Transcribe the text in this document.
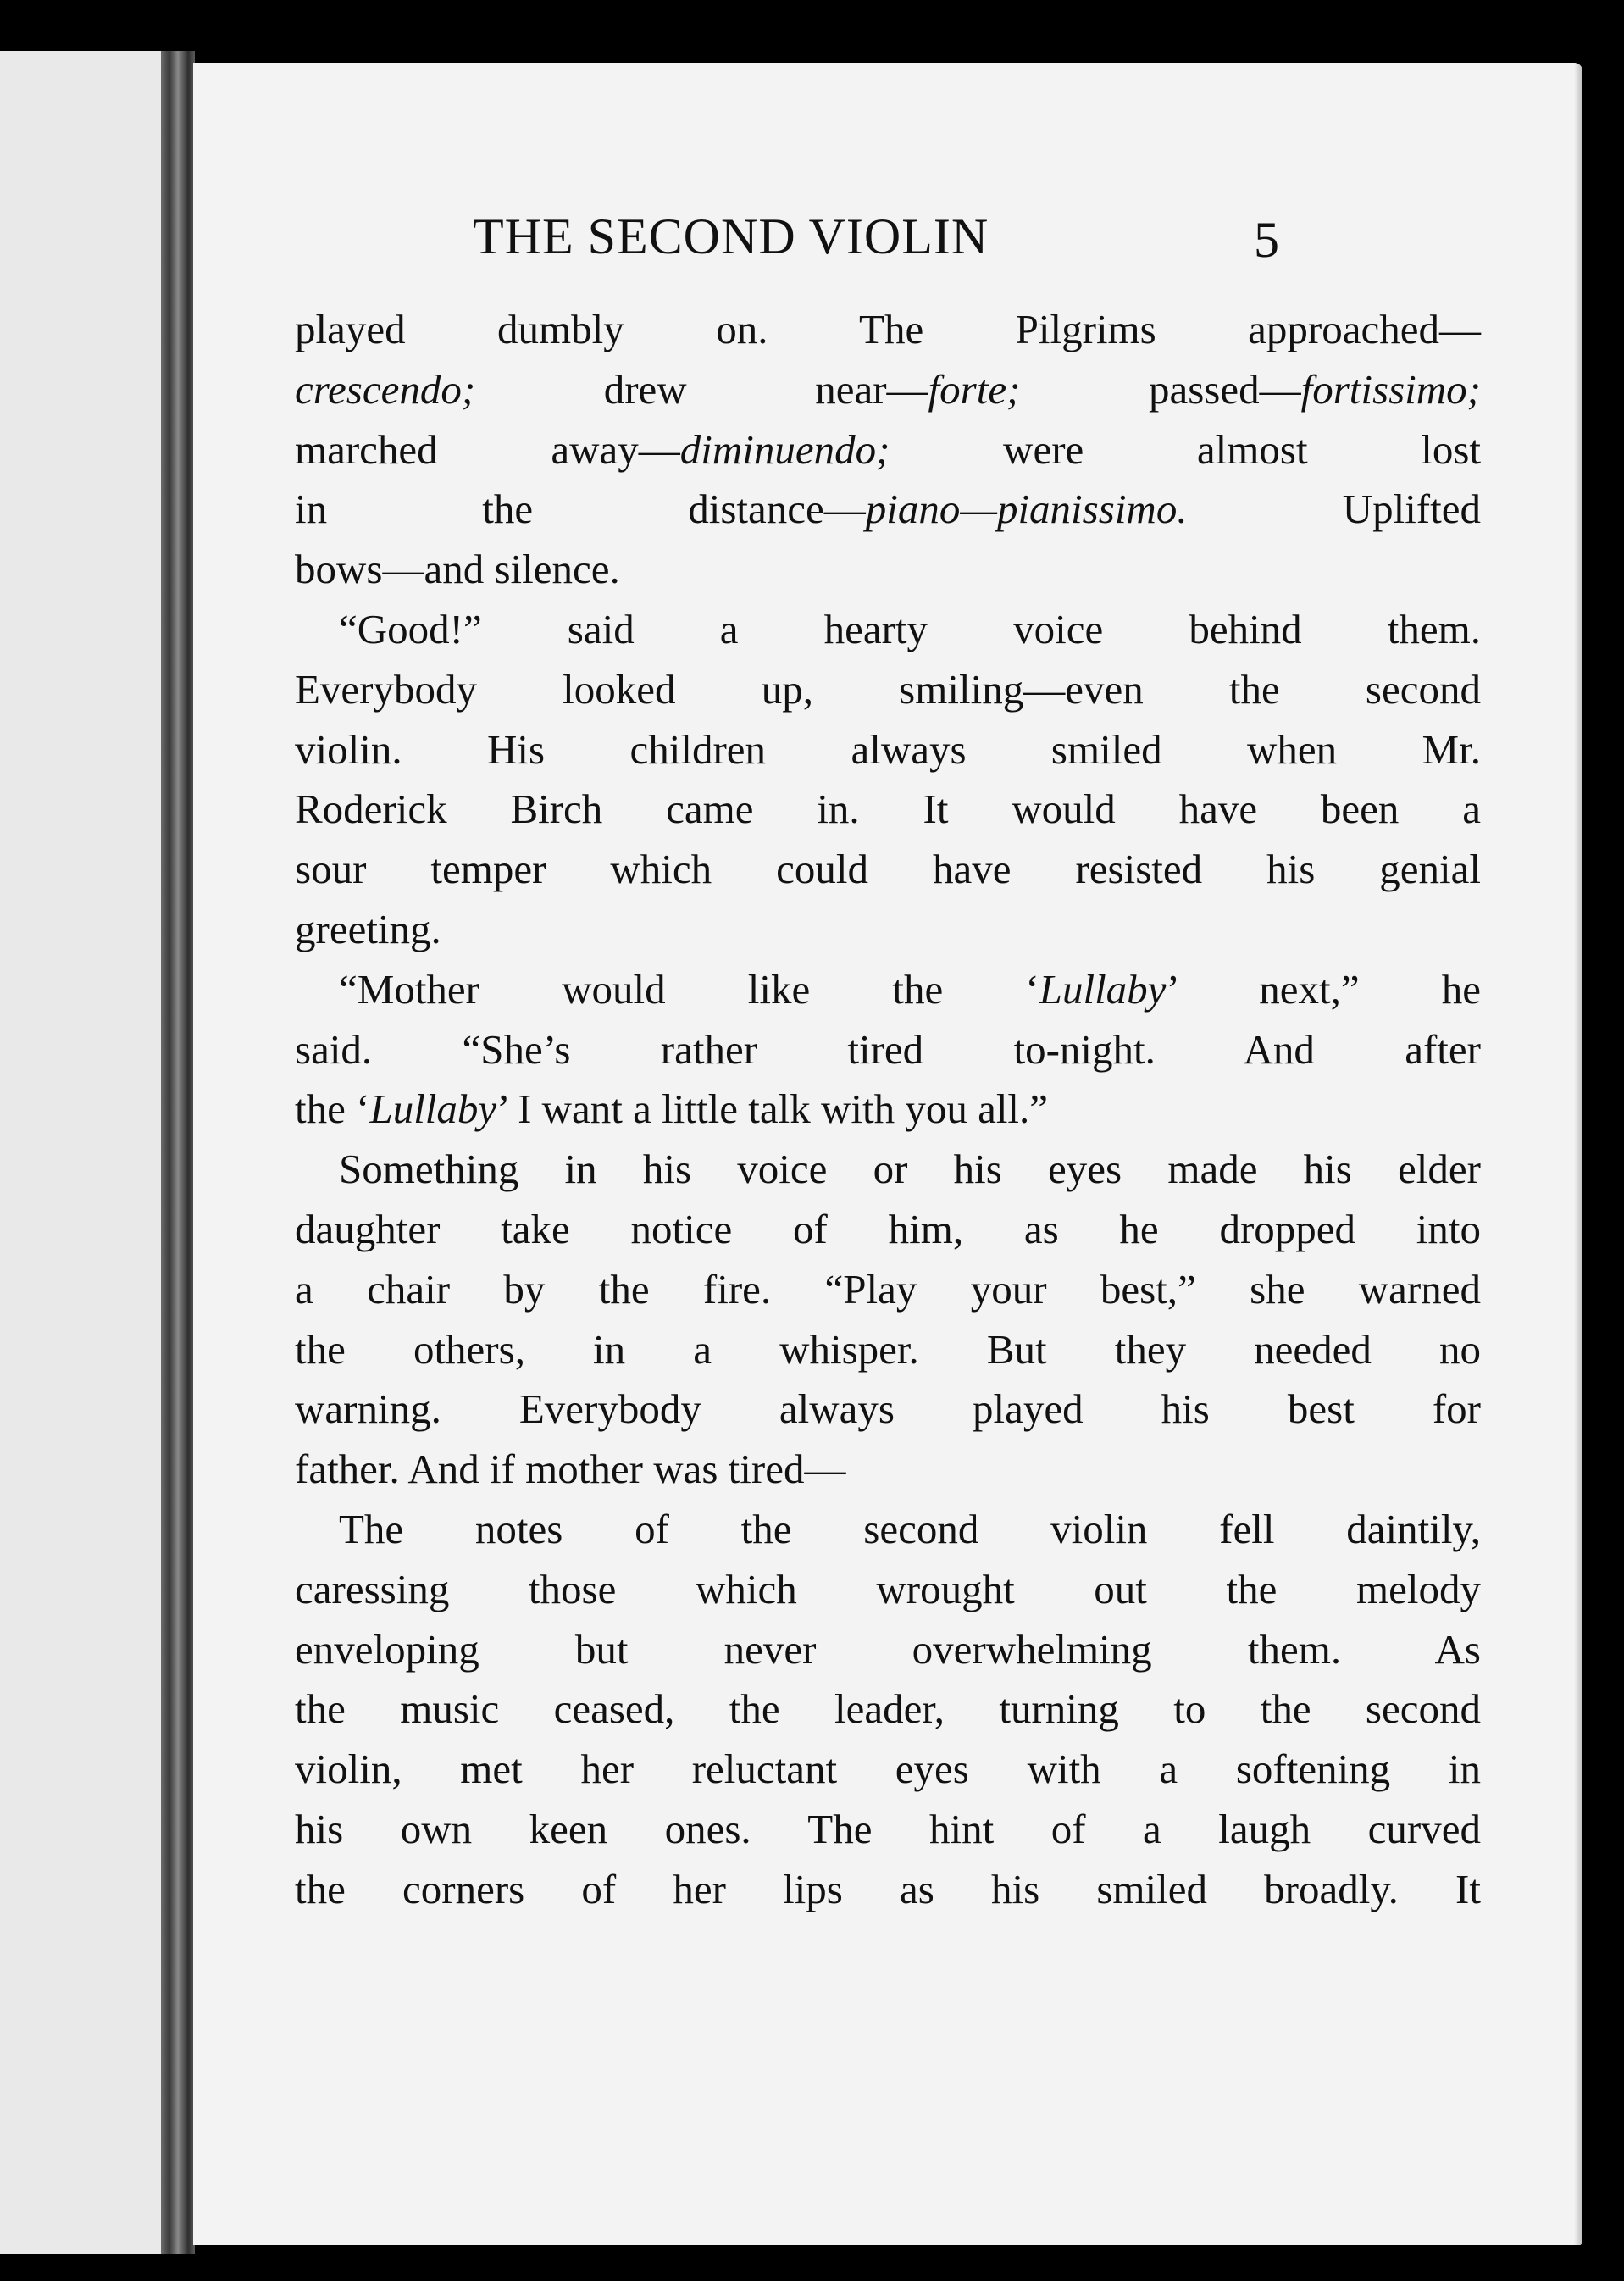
THE SECOND VIOLIN	5
played dumbly on. The Pilgrims approached—
crescendo; drew near—forte; passed—fortissimo;
marched away—diminuendo; were almost lost
in the distance—piano—pianissimo. Uplifted
bows—and silence.
“Good!” said a hearty voice behind them.
Everybody looked up, smiling—even the second
violin. His children always smiled when Mr.
Roderick Birch came in. It would have been a
sour temper which could have resisted his genial
greeting.
“Mother would like the ‘Lullaby’ next,” he
said. “She’s rather tired to-night. And after
the ‘Lullaby’ I want a little talk with you all.”
Something in his voice or his eyes made his elder
daughter take notice of him, as he dropped into
a chair by the fire. “Play your best,” she warned
the others, in a whisper. But they needed no
warning. Everybody always played his best for
father. And if mother was tired—
The notes of the second violin fell daintily,
caressing those which wrought out the melody
enveloping but never overwhelming them. As
the music ceased, the leader, turning to the second
violin, met her reluctant eyes with a softening in
his own keen ones. The hint of a laugh curved
the corners of her lips as his smiled broadly. It
